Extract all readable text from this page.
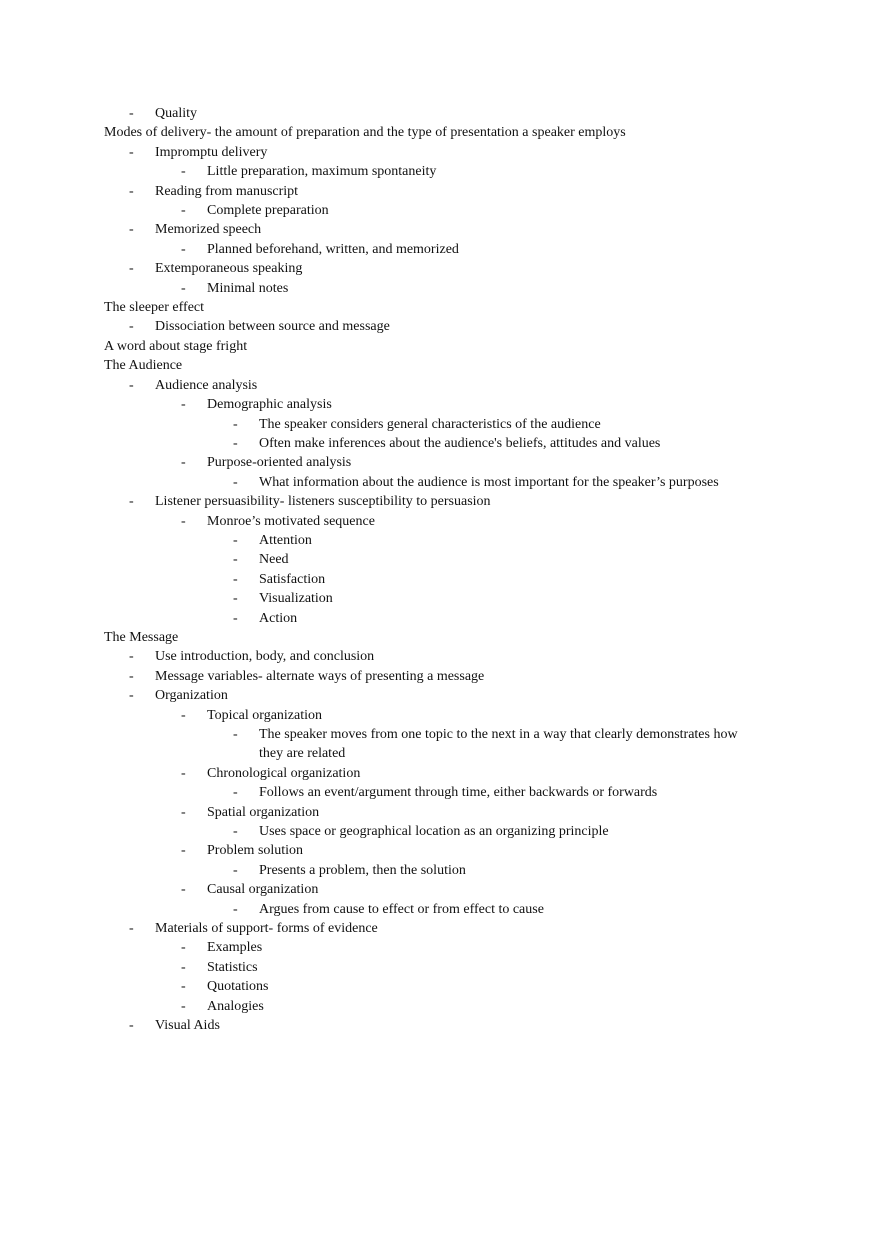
- Quality
Modes of delivery- the amount of preparation and the type of presentation a speaker employs
- Impromptu delivery
- Little preparation, maximum spontaneity
- Reading from manuscript
- Complete preparation
- Memorized speech
- Planned beforehand, written, and memorized
- Extemporaneous speaking
- Minimal notes
The sleeper effect
- Dissociation between source and message
A word about stage fright
The Audience
- Audience analysis
- Demographic analysis
- The speaker considers general characteristics of the audience
- Often make inferences about the audience's beliefs, attitudes and values
- Purpose-oriented analysis
- What information about the audience is most important for the speaker’s purposes
- Listener persuasibility- listeners susceptibility to persuasion
- Monroe’s motivated sequence
- Attention
- Need
- Satisfaction
- Visualization
- Action
The Message
- Use introduction, body, and conclusion
- Message variables- alternate ways of presenting a message
- Organization
- Topical organization
- The speaker moves from one topic to the next in a way that clearly demonstrates how
they are related
- Chronological organization
- Follows an event/argument through time, either backwards or forwards
- Spatial organization
- Uses space or geographical location as an organizing principle
- Problem solution
- Presents a problem, then the solution
- Causal organization
- Argues from cause to effect or from effect to cause
- Materials of support- forms of evidence
- Examples
- Statistics
- Quotations
- Analogies
- Visual Aids
